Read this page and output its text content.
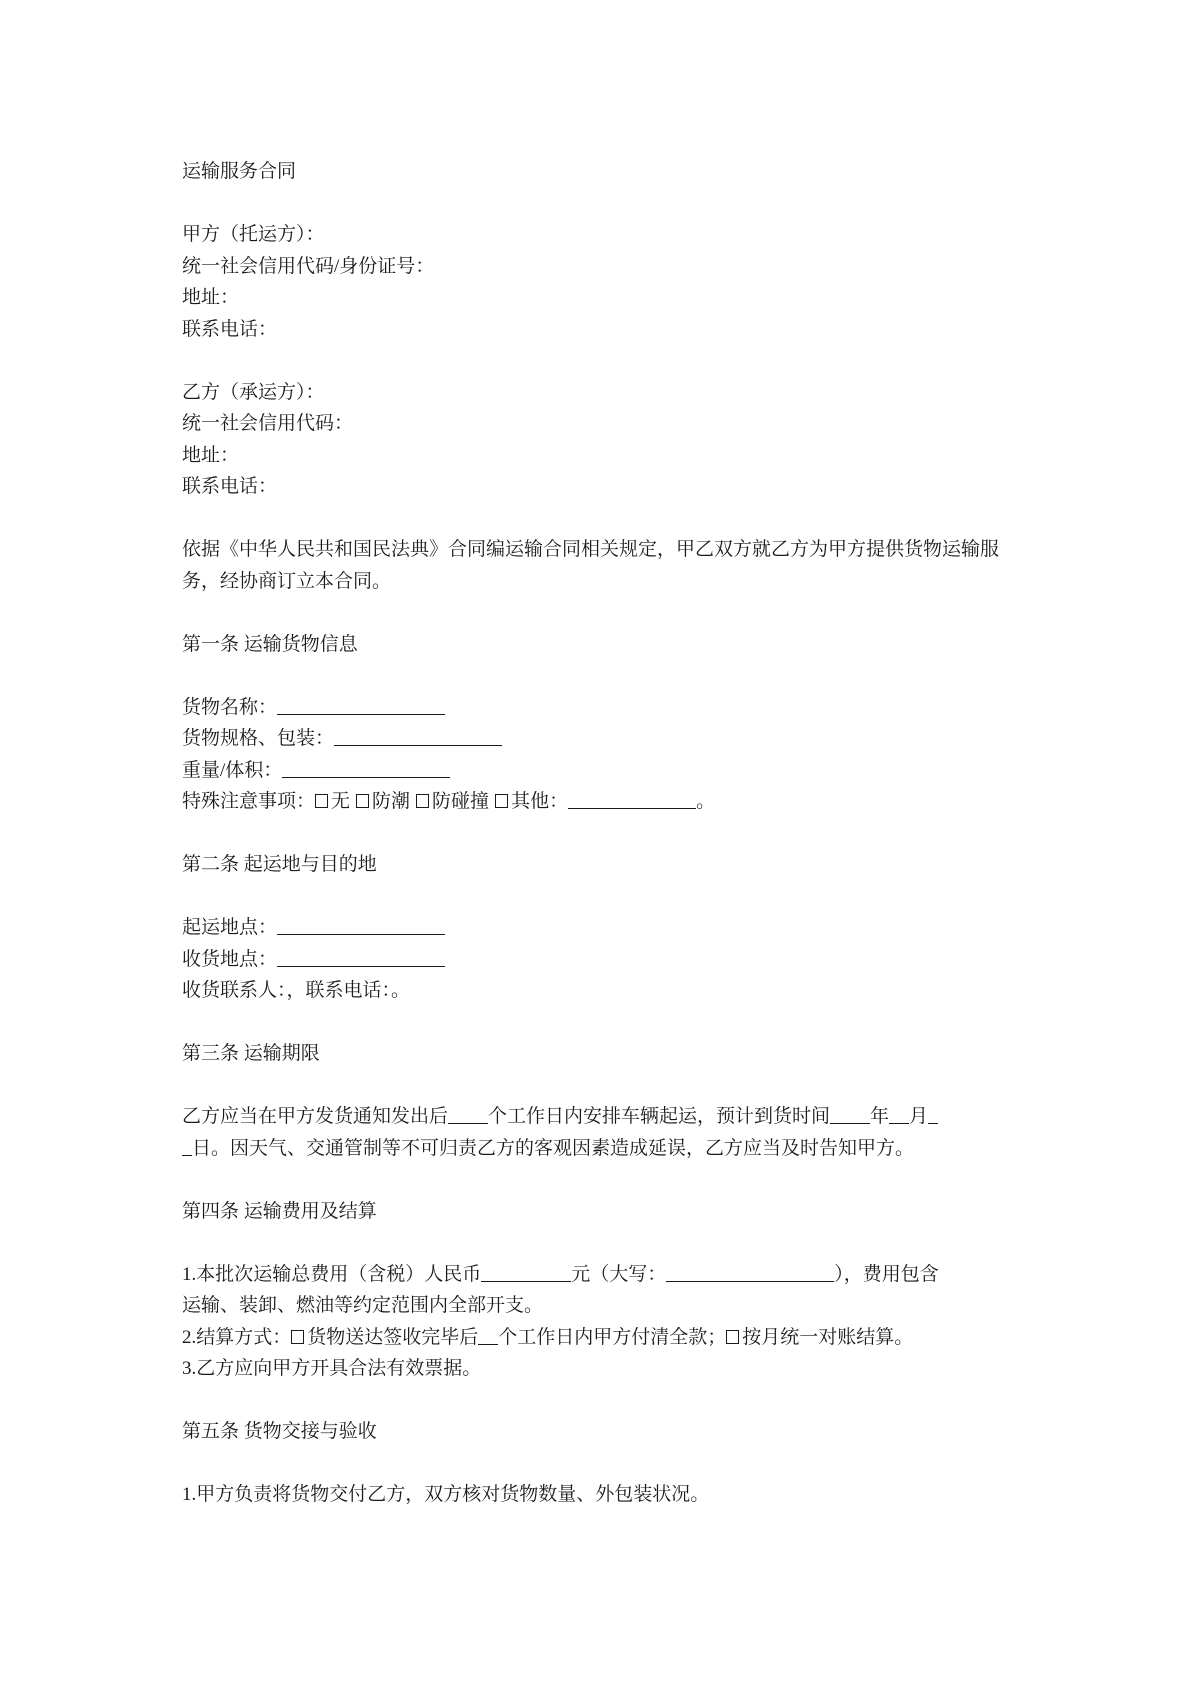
运输服务合同
甲方（托运方）：
统一社会信用代码/身份证号：
地址：
联系电话：
乙方（承运方）：
统一社会信用代码：
地址：
联系电话：
依据《中华人民共和国民法典》合同编运输合同相关规定，甲乙双方就乙方为甲方提供货物运输服务，经协商订立本合同。
第一条 运输货物信息
货物名称：
货物规格、包装：
重量/体积：
特殊注意事项： 无 防潮 防碰撞 其他：	。
第二条 起运地与目的地
起运地点：
收货地点：
收货联系人：，联系电话：。
第三条 运输期限
乙方应当在甲方发货通知发出后 个工作日内安排车辆起运，预计到货时间 年 月
日。因天气、交通管制等不可归责乙方的客观因素造成延误，乙方应当及时告知甲方。
第四条 运输费用及结算
1.本批次运输总费用（含税）人民币	元（大写：	），费用包含
运输、装卸、燃油等约定范围内全部开支。
2.结算方式： 货物送达签收完毕后 个工作日内甲方付清全款； 按月统一对账结算。
3.乙方应向甲方开具合法有效票据。
第五条 货物交接与验收
1.甲方负责将货物交付乙方，双方核对货物数量、外包装状况。
